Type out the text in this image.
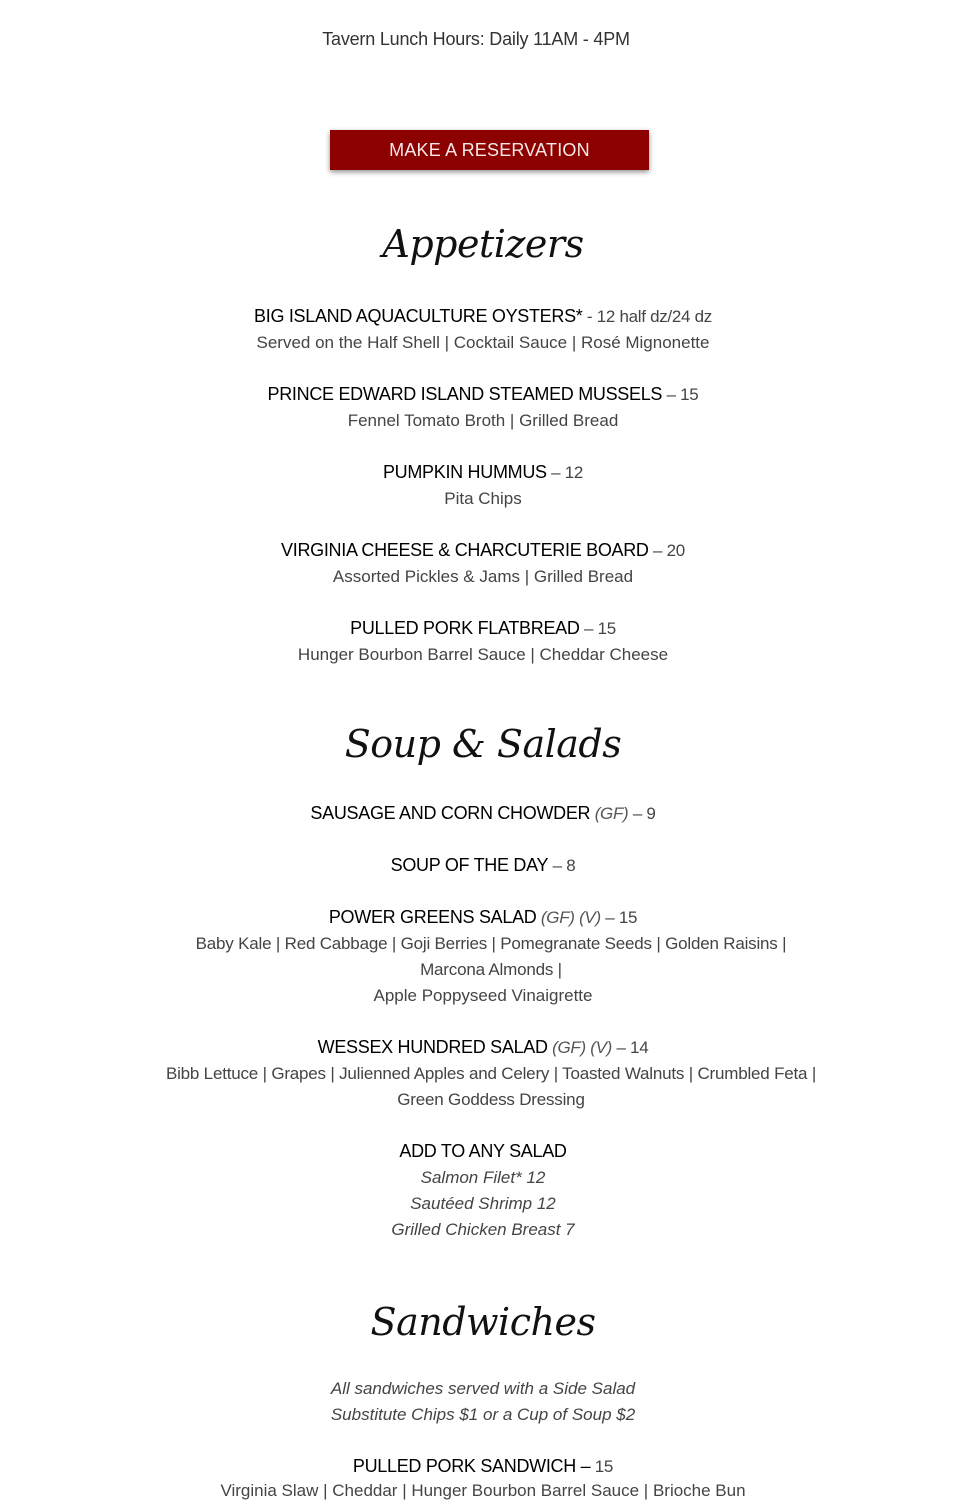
Tavern Lunch Hours: Daily 11AM - 4PM
MAKE A RESERVATION
Appetizers
BIG ISLAND AQUACULTURE OYSTERS* - 12 half dz/24 dz
Served on the Half Shell | Cocktail Sauce | Rosé Mignonette
PRINCE EDWARD ISLAND STEAMED MUSSELS – 15
Fennel Tomato Broth | Grilled Bread
PUMPKIN HUMMUS – 12
Pita Chips
VIRGINIA CHEESE & CHARCUTERIE BOARD – 20
Assorted Pickles & Jams | Grilled Bread
PULLED PORK FLATBREAD – 15
Hunger Bourbon Barrel Sauce | Cheddar Cheese
Soup & Salads
SAUSAGE AND CORN CHOWDER (GF) – 9
SOUP OF THE DAY – 8
POWER GREENS SALAD (GF) (V) – 15
Baby Kale | Red Cabbage | Goji Berries | Pomegranate Seeds | Golden Raisins | Marcona Almonds |
Apple Poppyseed Vinaigrette
WESSEX HUNDRED SALAD (GF) (V) – 14
Bibb Lettuce | Grapes | Julienned Apples and Celery | Toasted Walnuts | Crumbled Feta | Green Goddess Dressing
ADD TO ANY SALAD
Salmon Filet* 12
Sautéed Shrimp 12
Grilled Chicken Breast 7
Sandwiches
All sandwiches served with a Side Salad
Substitute Chips $1 or a Cup of Soup $2
PULLED PORK SANDWICH – 15
Virginia Slaw | Cheddar | Hunger Bourbon Barrel Sauce | Brioche Bun
